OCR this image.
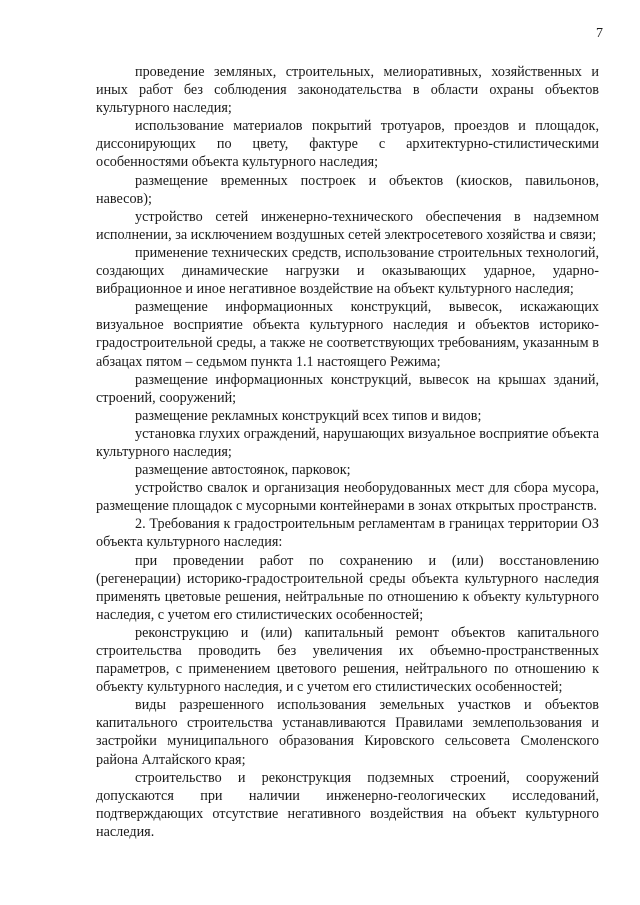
7

проведение земляных, строительных, мелиоративных, хозяйственных и иных работ без соблюдения законодательства в области охраны объектов культурного наследия;

использование материалов покрытий тротуаров, проездов и площадок, диссонирующих по цвету, фактуре с архитектурно-стилистическими особенностями объекта культурного наследия;

размещение временных построек и объектов (киосков, павильонов, навесов);

устройство сетей инженерно-технического обеспечения в надземном исполнении, за исключением воздушных сетей электросетевого хозяйства и связи;

применение технических средств, использование строительных технологий, создающих динамические нагрузки и оказывающих ударное, ударно-вибрационное и иное негативное воздействие на объект культурного наследия;

размещение информационных конструкций, вывесок, искажающих визуальное восприятие объекта культурного наследия и объектов историко-градостроительной среды, а также не соответствующих требованиям, указанным в абзацах пятом – седьмом пункта 1.1 настоящего Режима;

размещение информационных конструкций, вывесок на крышах зданий, строений, сооружений;

размещение рекламных конструкций всех типов и видов;

установка глухих ограждений, нарушающих визуальное восприятие объекта культурного наследия;

размещение автостоянок, парковок;

устройство свалок и организация необорудованных мест для сбора мусора, размещение площадок с мусорными контейнерами в зонах открытых пространств.

2. Требования к градостроительным регламентам в границах территории ОЗ объекта культурного наследия:

при проведении работ по сохранению и (или) восстановлению (регенерации) историко-градостроительной среды объекта культурного наследия применять цветовые решения, нейтральные по отношению к объекту культурного наследия, с учетом его стилистических особенностей;

реконструкцию и (или) капитальный ремонт объектов капитального строительства проводить без увеличения их объемно-пространственных параметров, с применением цветового решения, нейтрального по отношению к объекту культурного наследия, и с учетом его стилистических особенностей;

виды разрешенного использования земельных участков и объектов капитального строительства устанавливаются Правилами землепользования и застройки муниципального образования Кировского сельсовета Смоленского района Алтайского края;

строительство и реконструкция подземных строений, сооружений допускаются при наличии инженерно-геологических исследований, подтверждающих отсутствие негативного воздействия на объект культурного наследия.
